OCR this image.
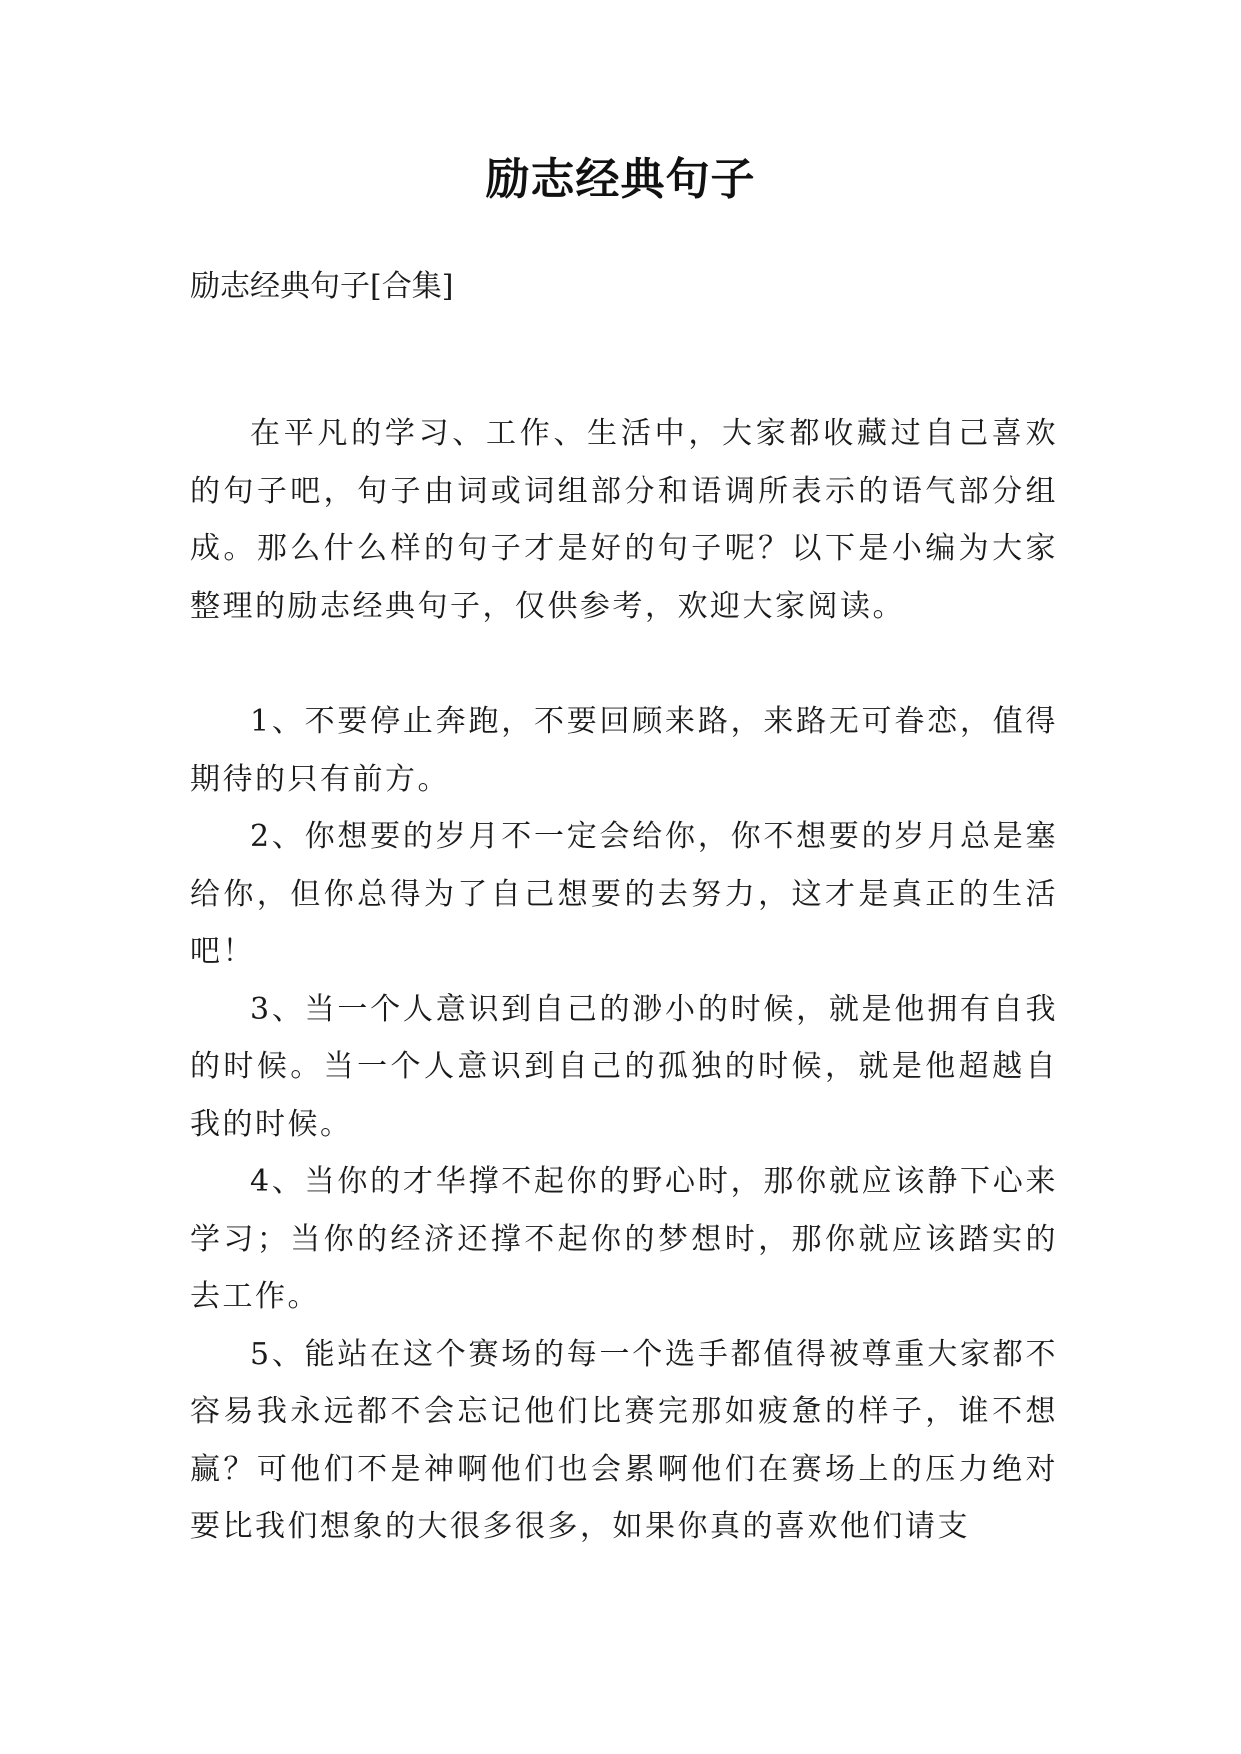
励志经典句子
励志经典句子[合集]

在平凡的学习、工作、生活中，大家都收藏过自己喜欢的句子吧，句子由词或词组部分和语调所表示的语气部分组成。那么什么样的句子才是好的句子呢？以下是小编为大家整理的励志经典句子，仅供参考，欢迎大家阅读。

1、不要停止奔跑，不要回顾来路，来路无可眷恋，值得期待的只有前方。

2、你想要的岁月不一定会给你，你不想要的岁月总是塞给你，但你总得为了自己想要的去努力，这才是真正的生活吧！

3、当一个人意识到自己的渺小的时候，就是他拥有自我的时候。当一个人意识到自己的孤独的时候，就是他超越自我的时候。

4、当你的才华撑不起你的野心时，那你就应该静下心来学习；当你的经济还撑不起你的梦想时，那你就应该踏实的去工作。

5、能站在这个赛场的每一个选手都值得被尊重大家都不容易我永远都不会忘记他们比赛完那如疲惫的样子，谁不想赢？可他们不是神啊他们也会累啊他们在赛场上的压力绝对要比我们想象的大很多很多，如果你真的喜欢他们请支
